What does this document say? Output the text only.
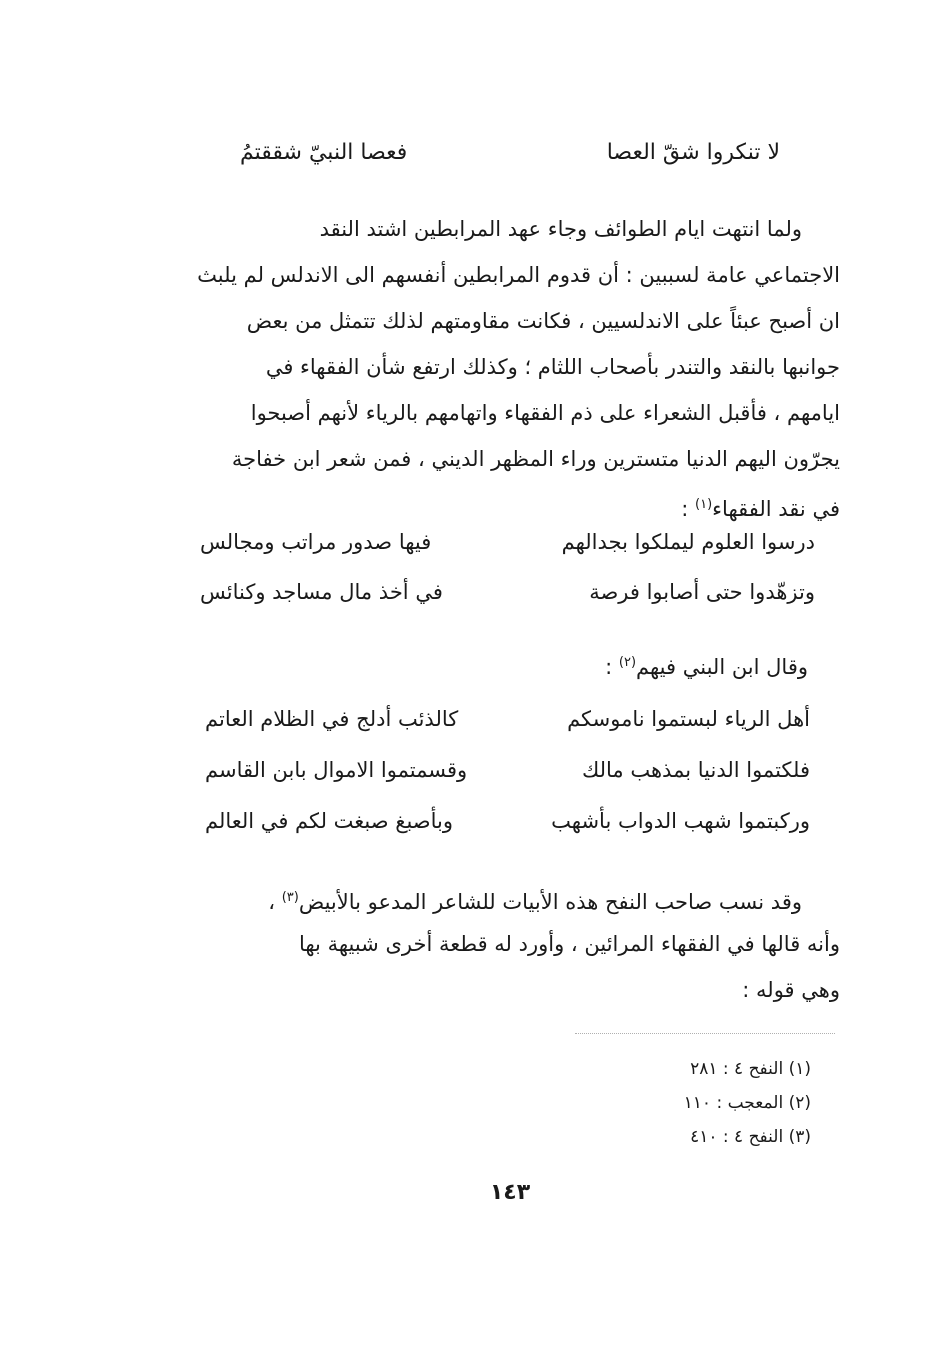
لا تنكروا شقّ العصا
فعصا النبيّ شققتمُ
ولما انتهت ايام الطوائف وجاء عهد المرابطين اشتد النقد
الاجتماعي عامة لسببين : أن قدوم المرابطين أنفسهم الى الاندلس لم يلبث
ان أصبح عبئاً على الاندلسيين ، فكانت مقاومتهم لذلك تتمثل من بعض
جوانبها بالنقد والتندر بأصحاب اللثام ؛ وكذلك ارتفع شأن الفقهاء في
ايامهم ، فأقبل الشعراء على ذم الفقهاء واتهامهم بالرياء لأنهم أصبحوا
يجرّون اليهم الدنيا متسترين وراء المظهر الديني ، فمن شعر ابن خفاجة
في نقد الفقهاء$^{(١)}$ :
درسوا العلوم ليملكوا بجدالهم
فيها صدور مراتب ومجالس
وتزهّدوا حتى أصابوا فرصة
في أخذ مال مساجد وكنائس
وقال ابن البني فيهم$^{(٢)}$ :
أهل الرياء لبستموا ناموسكم
كالذئب أدلج في الظلام العاتم
فلكتموا الدنيا بمذهب مالك
وقسمتموا الاموال بابن القاسم
وركبتموا شهب الدواب بأشهب
وبأصبغ صبغت لكم في العالم
وقد نسب صاحب النفح هذه الأبيات للشاعر المدعو بالأبيض$^{(٣)}$ ،
وأنه قالها في الفقهاء المرائين ، وأورد له قطعة أخرى شبيهة بها
وهي قوله :
(١) النفح ٤ : ٢٨١
(٢) المعجب : ١١٠
(٣) النفح ٤ : ٤١٠
١٤٣
